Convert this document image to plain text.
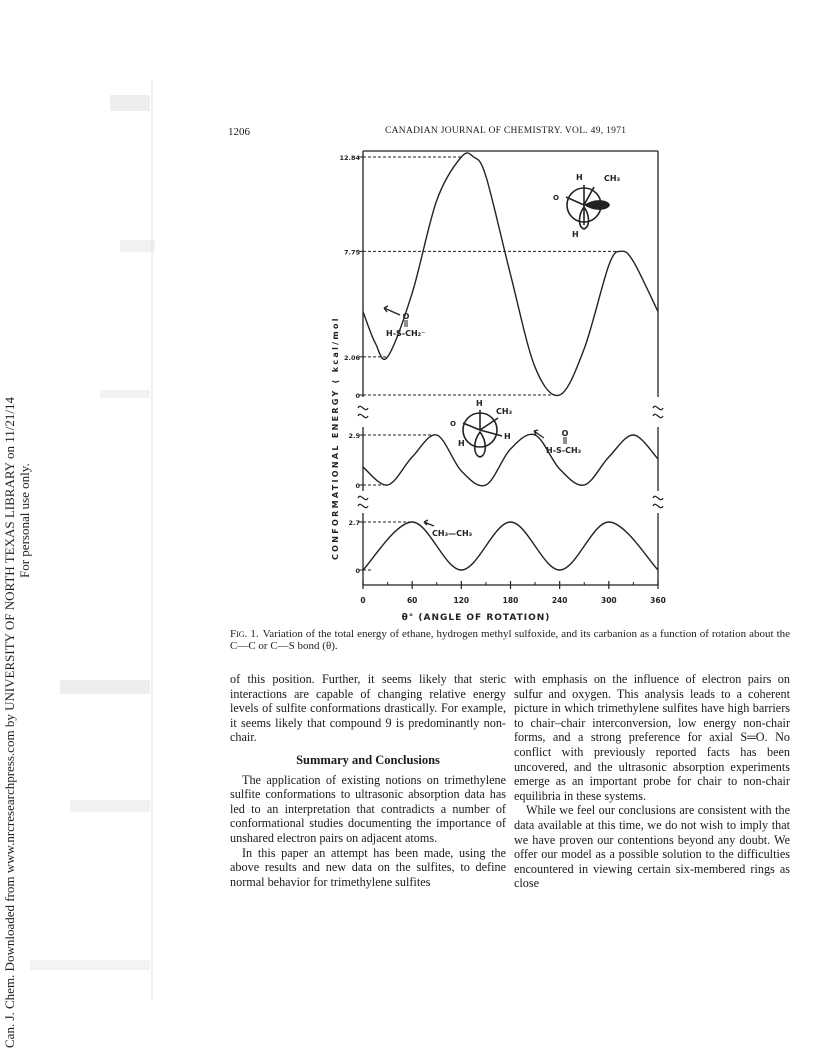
Can. J. Chem. Downloaded from www.nrcresearchpress.com by UNIVERSITY OF NORTH TEXAS LIBRARY on 11/21/14 For personal use only.
1206	CANADIAN JOURNAL OF CHEMISTRY. VOL. 49, 1971
0
2.06
7.75
12.84
0
2.5
0
2.7
0	60	120	180	240	300	360
CONFORMATIONAL ENERGY ( kcal/mol
θ° (ANGLE OF ROTATION)
H	CH₃
H
O
O
H-S-CH₂⁻
H
H
CH₃
H
O
O
H-S-CH₃
CH₃—CH₃
Fig. 1. Variation of the total energy of ethane, hydrogen methyl sulfoxide, and its carbanion as a function of rotation about the C—C or C—S bond (θ).

of this position. Further, it seems likely that steric interactions are capable of changing relative energy levels of sulfite conformations drastically. For example, it seems likely that compound 9 is predominantly non-chair.

Summary and Conclusions

The application of existing notions on trimethylene sulfite conformations to ultrasonic absorption data has led to an interpretation that contradicts a number of conformational studies documenting the importance of unshared electron pairs on adjacent atoms.

In this paper an attempt has been made, using the above results and new data on the sulfites, to define normal behavior for trimethylene sulfites

with emphasis on the influence of electron pairs on sulfur and oxygen. This analysis leads to a coherent picture in which trimethylene sulfites have high barriers to chair–chair interconversion, low energy non-chair forms, and a strong preference for axial S═O. No conflict with previously reported facts has been uncovered, and the ultrasonic absorption experiments emerge as an important probe for chair to non-chair equilibria in these systems.

While we feel our conclusions are consistent with the data available at this time, we do not wish to imply that we have proven our contentions beyond any doubt. We offer our model as a possible solution to the difficulties encountered in viewing certain six-membered rings as close
